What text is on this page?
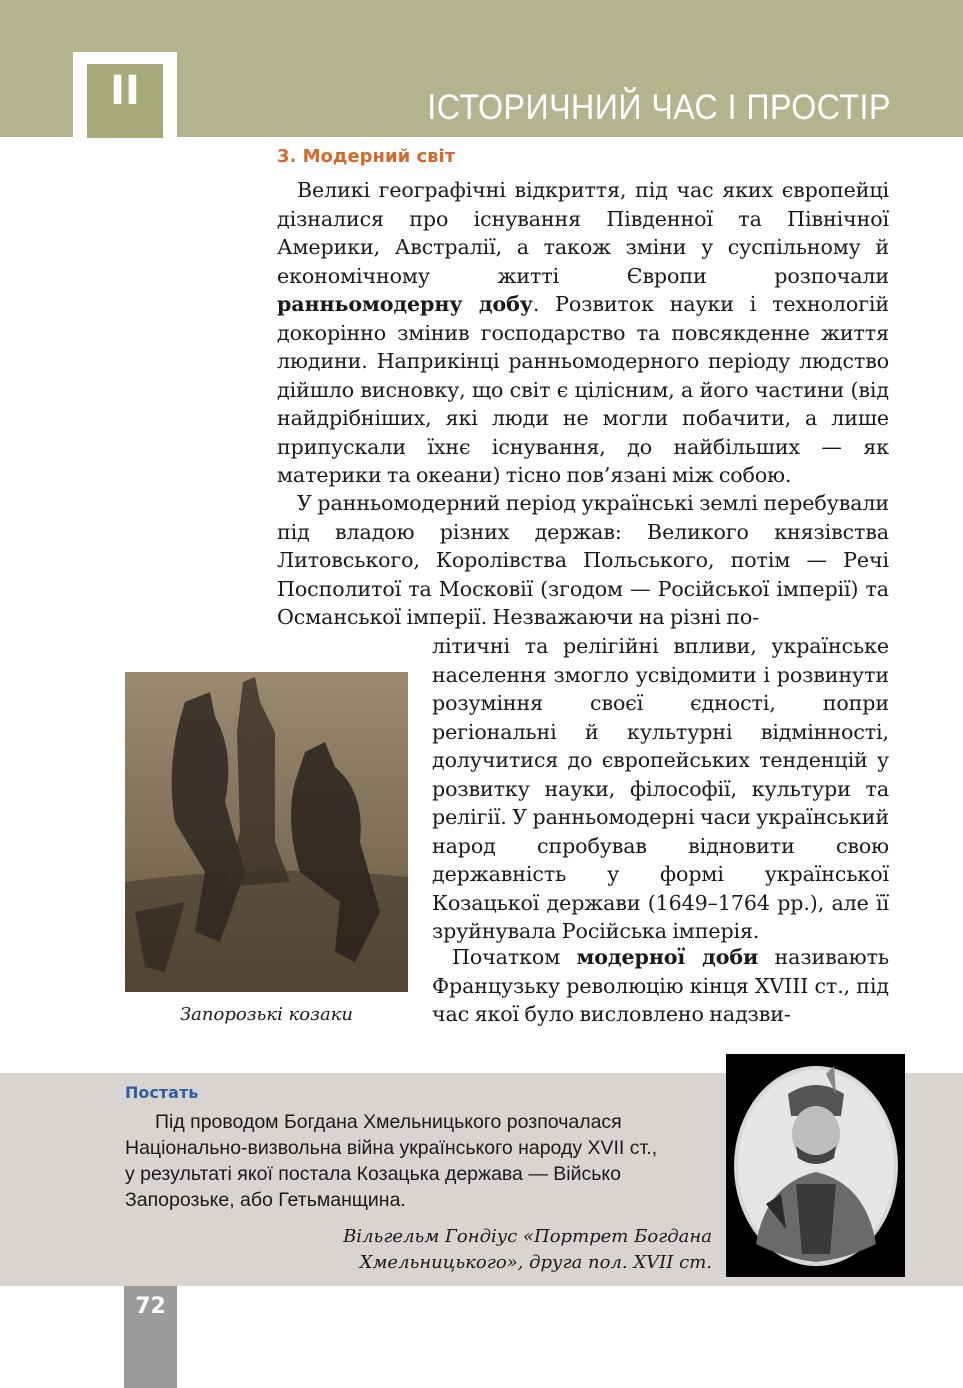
II	ІСТОРИЧНИЙ ЧАС І ПРОСТІР
3. Модерний світ

Великі географічні відкриття, під час яких європейці дізналися про існування Південної та Північної Америки, Австралії, а також зміни у суспільному й економічному житті Європи розпочали ранньомодерну добу. Розвиток науки і технологій докорінно змінив господарство та повсякденне життя людини. Наприкінці ранньомодерного періоду людство дійшло висновку, що світ є цілісним, а його частини (від найдрібніших, які люди не могли побачити, а лише припускали їхнє існування, до найбільших — як материки та океани) тісно пов’язані між собою.

У ранньомодерний період українські землі перебували під владою різних держав: Великого князівства Литовського, Королівства Польського, потім — Речі Посполитої та Московії (згодом — Російської імперії) та Османської імперії. Незважаючи на різні по-

літичні та релігійні впливи, українське населення змогло усвідомити і розвинути розуміння своєї єдності, попри регіональні й культурні відмінності, долучитися до європейських тенденцій у розвитку науки, філософії, культури та релігії. У ранньомодерні часи український народ спробував відновити свою державність у формі української Козацької держави (1649–1764 рр.), але її зруйнувала Російська імперія.

Початком модерної доби називають Французьку революцію кінця XVIII ст., під час якої було висловлено надзви-

Запорозькі козаки
Постать

Під проводом Богдана Хмельницького розпочалася Національно-визвольна війна українського народу XVII ст., у результаті якої постала Козацька держава — Військо Запорозьке, або Гетьманщина.

Вільгельм Гондіус «Портрет Богдана
Хмельницького», друга пол. XVII ст.
72
